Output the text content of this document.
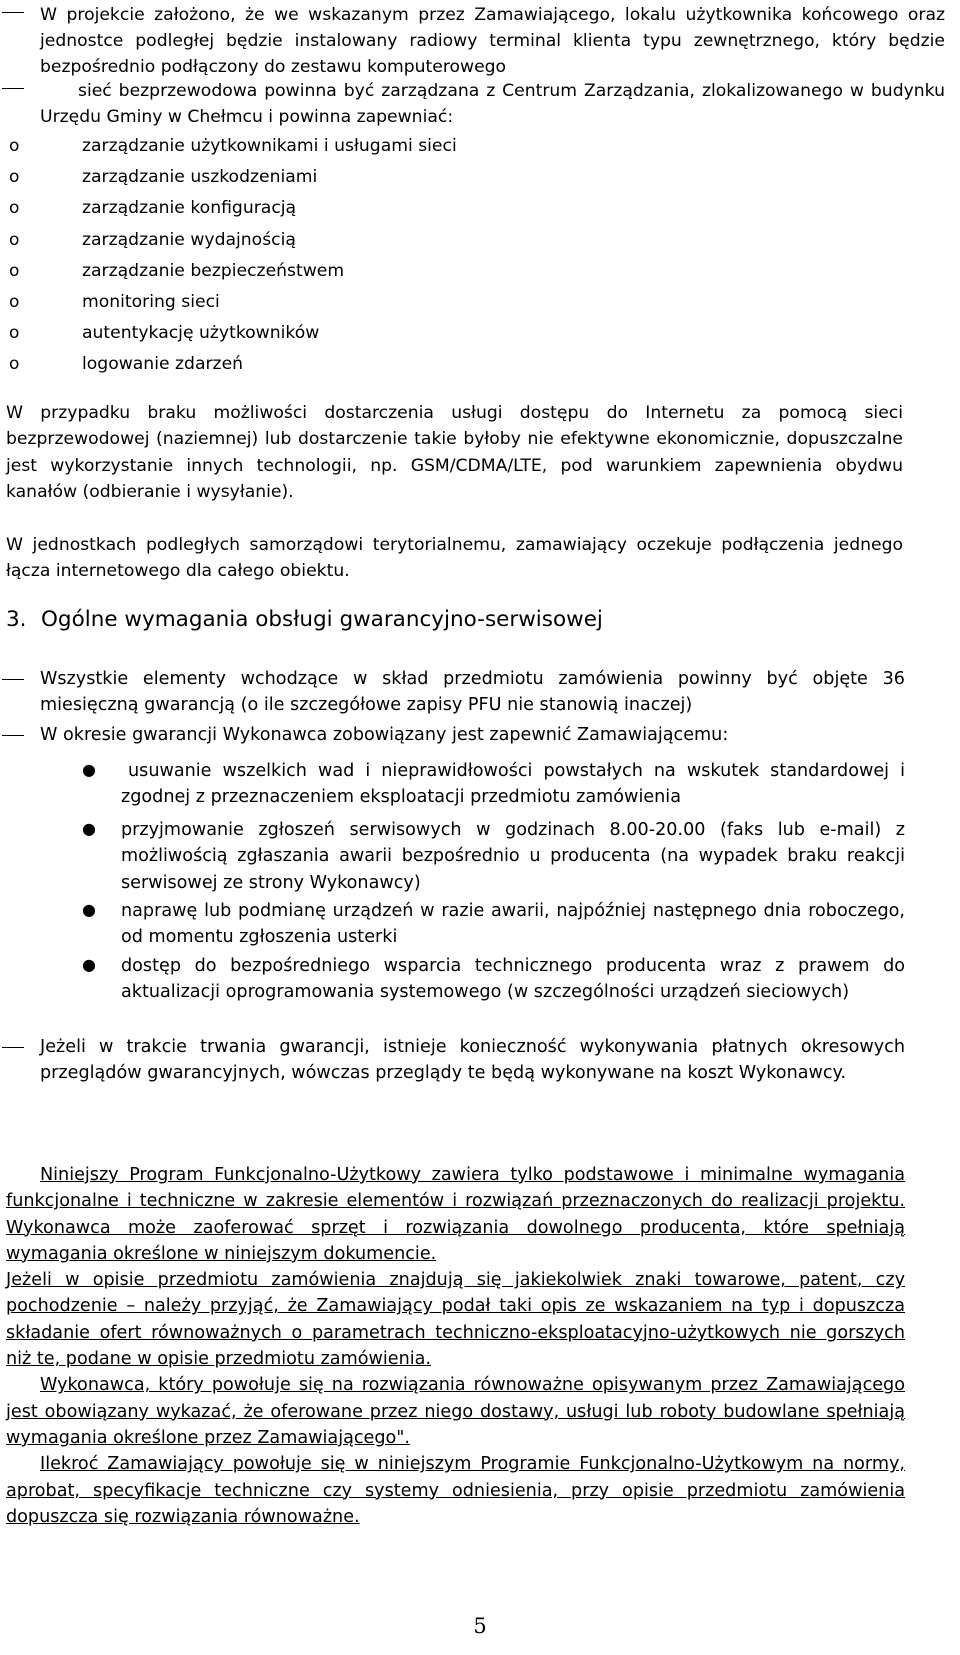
W projekcie założono, że we wskazanym przez Zamawiającego, lokalu użytkownika końcowego oraz jednostce podległej będzie instalowany radiowy terminal klienta typu zewnętrznego, który będzie bezpośrednio podłączony do zestawu komputerowego
sieć bezprzewodowa powinna być zarządzana z Centrum Zarządzania, zlokalizowanego w budynku Urzędu Gminy w Chełmcu i powinna zapewniać:
o	zarządzanie użytkownikami i usługami sieci
o	zarządzanie uszkodzeniami
o	zarządzanie konfiguracją
o	zarządzanie wydajnością
o	zarządzanie bezpieczeństwem
o	monitoring sieci
o	autentykację użytkowników
o	logowanie zdarzeń
W przypadku braku możliwości dostarczenia usługi dostępu do Internetu za pomocą sieci bezprzewodowej (naziemnej) lub dostarczenie takie byłoby nie efektywne ekonomicznie, dopuszczalne jest wykorzystanie innych technologii, np. GSM/CDMA/LTE, pod warunkiem zapewnienia obydwu kanałów (odbieranie i wysyłanie).
W jednostkach podległych samorządowi terytorialnemu, zamawiający oczekuje podłączenia jednego łącza internetowego dla całego obiektu.
3. Ogólne wymagania obsługi gwarancyjno-serwisowej
Wszystkie elementy wchodzące w skład przedmiotu zamówienia powinny być objęte 36 miesięczną gwarancją (o ile szczegółowe zapisy PFU nie stanowią inaczej)
W okresie gwarancji Wykonawca zobowiązany jest zapewnić Zamawiającemu:
●	usuwanie wszelkich wad i nieprawidłowości powstałych na wskutek standardowej i zgodnej z przeznaczeniem eksploatacji przedmiotu zamówienia
● przyjmowanie zgłoszeń serwisowych w godzinach 8.00-20.00 (faks lub e-mail) z możliwością zgłaszania awarii bezpośrednio u producenta (na wypadek braku reakcji serwisowej ze strony Wykonawcy)
● naprawę lub podmianę urządzeń w razie awarii, najpóźniej następnego dnia roboczego, od momentu zgłoszenia usterki
● dostęp do bezpośredniego wsparcia technicznego producenta wraz z prawem do aktualizacji oprogramowania systemowego (w szczególności urządzeń sieciowych)
Jeżeli w trakcie trwania gwarancji, istnieje konieczność wykonywania płatnych okresowych przeglądów gwarancyjnych, wówczas przeglądy te będą wykonywane na koszt Wykonawcy.

Niniejszy Program Funkcjonalno-Użytkowy zawiera tylko podstawowe i minimalne wymagania funkcjonalne i techniczne w zakresie elementów i rozwiązań przeznaczonych do realizacji projektu. Wykonawca może zaoferować sprzęt i rozwiązania dowolnego producenta, które spełniają wymagania określone w niniejszym dokumencie.

Jeżeli w opisie przedmiotu zamówienia znajdują się jakiekolwiek znaki towarowe, patent, czy pochodzenie – należy przyjąć, że Zamawiający podał taki opis ze wskazaniem na typ i dopuszcza składanie ofert równoważnych o parametrach techniczno-eksploatacyjno-użytkowych nie gorszych niż te, podane w opisie przedmiotu zamówienia.

Wykonawca, który powołuje się na rozwiązania równoważne opisywanym przez Zamawiającego jest obowiązany wykazać, że oferowane przez niego dostawy, usługi lub roboty budowlane spełniają wymagania określone przez Zamawiającego".

Ilekroć Zamawiający powołuje się w niniejszym Programie Funkcjonalno-Użytkowym na normy, aprobat, specyfikacje techniczne czy systemy odniesienia, przy opisie przedmiotu zamówienia dopuszcza się rozwiązania równoważne.

5
